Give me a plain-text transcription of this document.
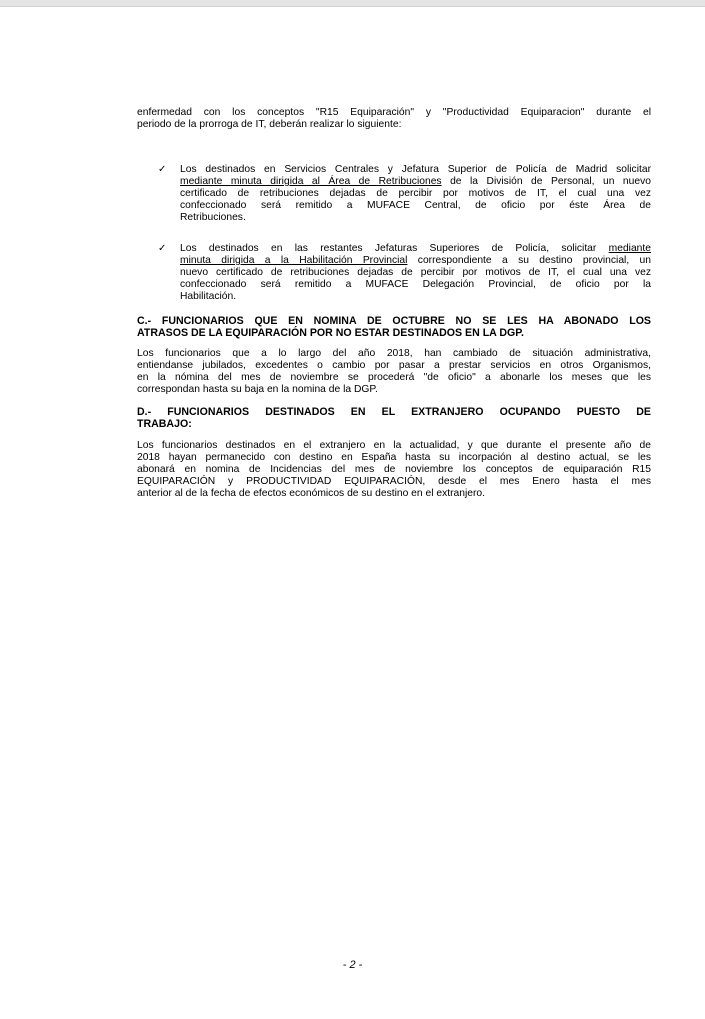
enfermedad con los conceptos "R15 Equiparación" y "Productividad Equiparacion" durante el
periodo de la prorroga de IT, deberán realizar lo siguiente:
✓ Los destinados en Servicios Centrales y Jefatura Superior de Policía de Madrid solicitar
mediante minuta dirigida al Área de Retribuciones de la División de Personal, un nuevo
certificado de retribuciones dejadas de percibir por motivos de IT, el cual una vez
confeccionado será remitido a MUFACE Central, de oficio por éste Área de
Retribuciones.
✓ Los destinados en las restantes Jefaturas Superiores de Policía, solicitar mediante
minuta dirigida a la Habilitación Provincial correspondiente a su destino provincial, un
nuevo certificado de retribuciones dejadas de percibir por motivos de IT, el cual una vez
confeccionado será remitido a MUFACE Delegación Provincial, de oficio por la
Habilitación.
C.- FUNCIONARIOS QUE EN NOMINA DE OCTUBRE NO SE LES HA ABONADO LOS
ATRASOS DE LA EQUIPARACIÓN POR NO ESTAR DESTINADOS EN LA DGP.
Los funcionarios que a lo largo del año 2018, han cambiado de situación administrativa,
entiendanse jubilados, excedentes o cambio por pasar a prestar servicios en otros Organismos,
en la nómina del mes de noviembre se procederá "de oficio" a abonarle los meses que les
correspondan hasta su baja en la nomina de la DGP.
D.- FUNCIONARIOS DESTINADOS EN EL EXTRANJERO OCUPANDO PUESTO DE
TRABAJO:
Los funcionarios destinados en el extranjero en la actualidad, y que durante el presente año de
2018 hayan permanecido con destino en España hasta su incorpación al destino actual, se les
abonará en nomina de Incidencias del mes de noviembre los conceptos de equiparación R15
EQUIPARACIÓN y PRODUCTIVIDAD EQUIPARACIÓN, desde el mes Enero hasta el mes
anterior al de la fecha de efectos económicos de su destino en el extranjero.
- 2 -
